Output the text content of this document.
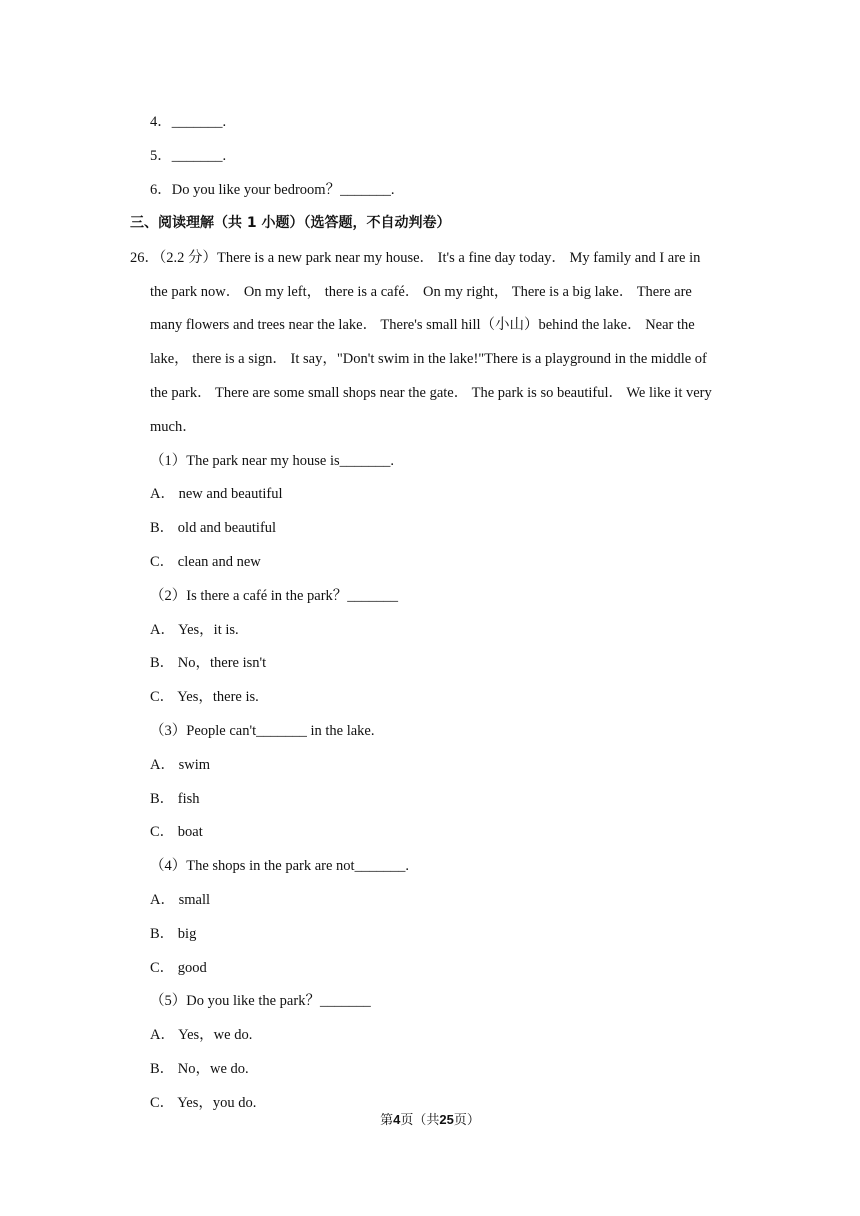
4．_______.
5．_______.
6．Do you like your bedroom？_______.
三、阅读理解（共 1 小题）（选答题，不自动判卷）
26．（2.2 分）There is a new park near my house． It's a fine day today． My family and I are in
the park now． On my left， there is a café． On my right， There is a big lake． There are
many flowers and trees near the lake． There's small hill（小山）behind the lake． Near the
lake， there is a sign． It say，"Don't swim in the lake!"There is a playground in the middle of
the park． There are some small shops near the gate． The park is so beautiful． We like it very
much．
（1）The park near my house is_______.
A． new and beautiful
B． old and beautiful
C． clean and new
（2）Is there a café in the park？_______
A． Yes，it is.
B． No，there isn't
C． Yes，there is.
（3）People can't_______ in the lake.
A． swim
B． fish
C． boat
（4）The shops in the park are not_______.
A． small
B． big
C． good
（5）Do you like the park？_______
A． Yes，we do.
B． No，we do.
C． Yes，you do.
第4页（共25页）
